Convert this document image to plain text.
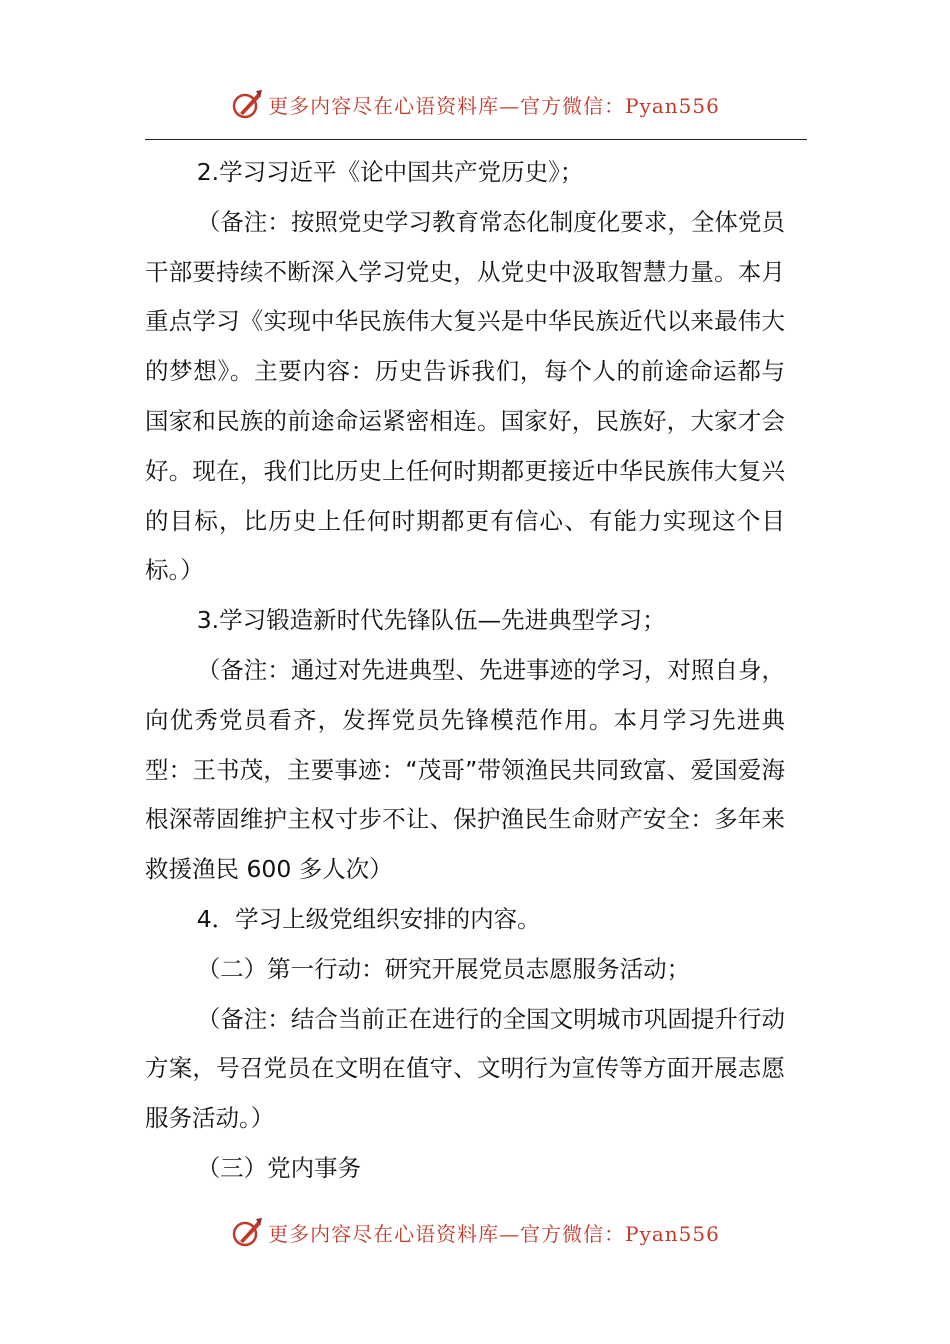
更多内容尽在心语资料库—官方微信：Pyan556

2.学习习近平《论中国共产党历史》；

（备注：按照党史学习教育常态化制度化要求，全体党员干部要持续不断深入学习党史，从党史中汲取智慧力量。本月重点学习《实现中华民族伟大复兴是中华民族近代以来最伟大的梦想》。主要内容：历史告诉我们，每个人的前途命运都与国家和民族的前途命运紧密相连。国家好，民族好，大家才会好。现在，我们比历史上任何时期都更接近中华民族伟大复兴的目标，比历史上任何时期都更有信心、有能力实现这个目标。）

3.学习锻造新时代先锋队伍—先进典型学习；

（备注：通过对先进典型、先进事迹的学习，对照自身，向优秀党员看齐，发挥党员先锋模范作用。本月学习先进典型：王书茂，主要事迹：“茂哥”带领渔民共同致富、爱国爱海根深蒂固维护主权寸步不让、保护渔民生命财产安全：多年来救援渔民 600 多人次）

4．学习上级党组织安排的内容。

（二）第一行动：研究开展党员志愿服务活动；

（备注：结合当前正在进行的全国文明城市巩固提升行动方案，号召党员在文明在值守、文明行为宣传等方面开展志愿服务活动。）

（三）党内事务

更多内容尽在心语资料库—官方微信：Pyan556
